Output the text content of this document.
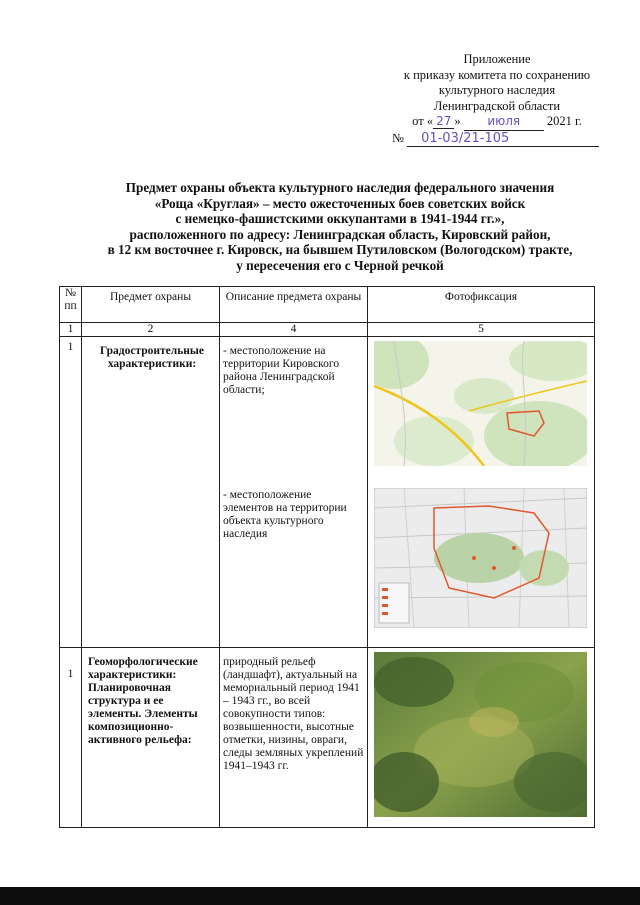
Приложение
к приказу комитета по сохранению
культурного наследия
Ленинградской области
от « 27 » июля 2021 г.
№ 01-03/21-105
Предмет охраны объекта культурного наследия федерального значения
«Роща «Круглая» – место ожесточенных боев советских войск
с немецко-фашистскими оккупантами в 1941-1944 гг.»,
расположенного по адресу: Ленинградская область, Кировский район,
в 12 км восточнее г. Кировск, на бывшем Путиловском (Вологодском) тракте,
у пересечения его с Черной речкой
№ пп	Предмет охраны	Описание предмета охраны	Фотофиксация
1	2	4	5
1	Градостроительные характеристики:	- местоположение на территории Кировского района Ленинградской области;
- местоположение элементов на территории объекта культурного наследия

1	Геоморфологические характеристики: Планировочная структура и ее элементы. Элементы композиционно-активного рельефа:	природный рельеф (ландшафт), актуальный на мемориальный период 1941 – 1943 гг., во всей совокупности типов: возвышенности, высотные отметки, низины, овраги, следы земляных укреплений 1941–1943 гг.	
